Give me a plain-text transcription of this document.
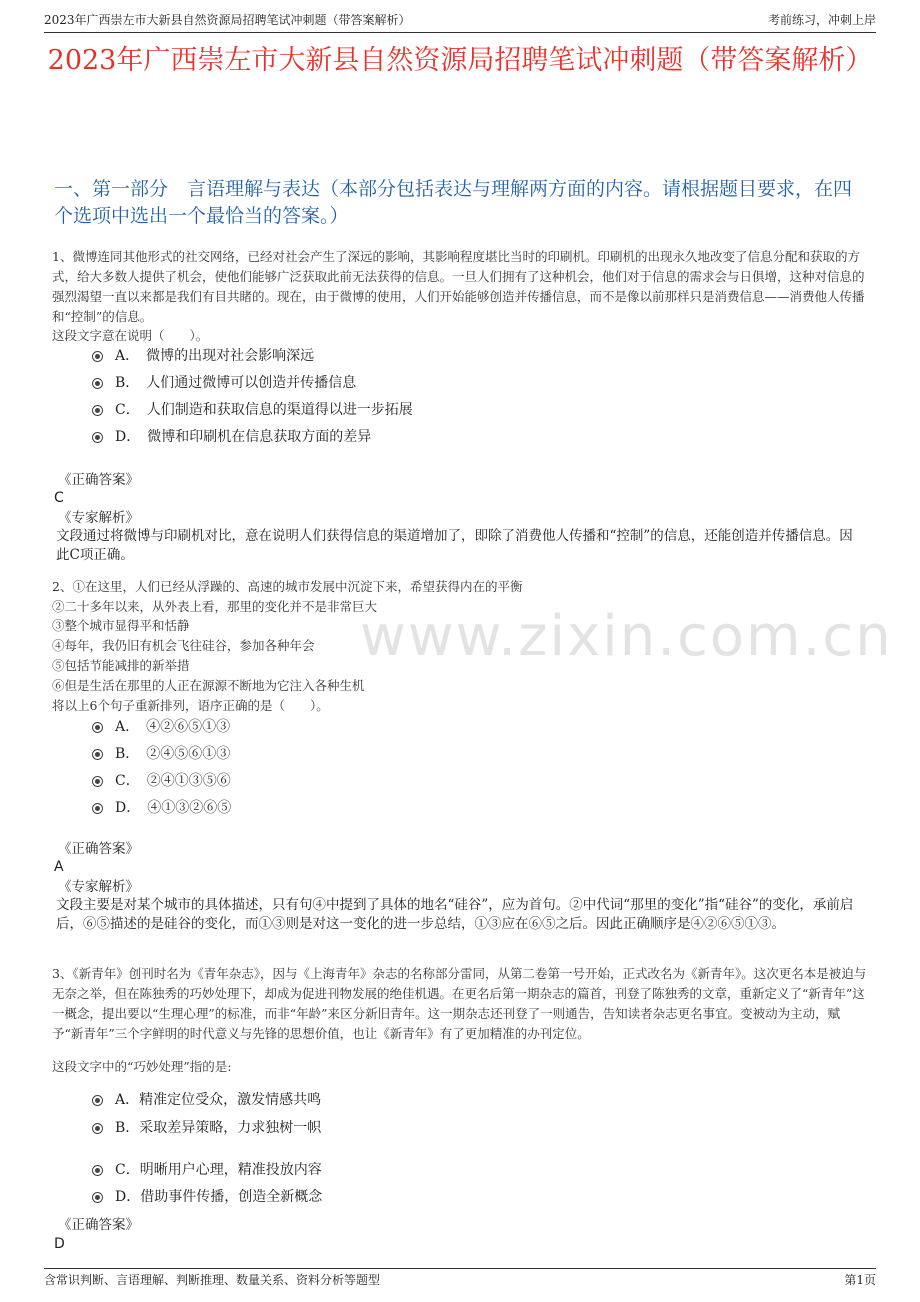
2023年广西崇左市大新县自然资源局招聘笔试冲刺题（带答案解析）	考前练习，冲刺上岸
2023年广西崇左市大新县自然资源局招聘笔试冲刺题（带答案解析）
一、第一部分　言语理解与表达（本部分包括表达与理解两方面的内容。请根据题目要求，在四个选项中选出一个最恰当的答案。）
www.zixin.com.cn
1、微博连同其他形式的社交网络，已经对社会产生了深远的影响，其影响程度堪比当时的印刷机。印刷机的出现永久地改变了信息分配和获取的方式，给大多数人提供了机会，使他们能够广泛获取此前无法获得的信息。一旦人们拥有了这种机会，他们对于信息的需求会与日俱增，这种对信息的强烈渴望一直以来都是我们有目共睹的。现在，由于微博的使用，人们开始能够创造并传播信息，而不是像以前那样只是消费信息——消费他人传播和“控制”的信息。
这段文字意在说明（　　）。
A．　微博的出现对社会影响深远
B．　人们通过微博可以创造并传播信息
C．　人们制造和获取信息的渠道得以进一步拓展
D．　微博和印刷机在信息获取方面的差异
《正确答案》
C
《专家解析》
文段通过将微博与印刷机对比，意在说明人们获得信息的渠道增加了，即除了消费他人传播和“控制”的信息，还能创造并传播信息。因此C项正确。
2、①在这里，人们已经从浮躁的、高速的城市发展中沉淀下来，希望获得内在的平衡
②二十多年以来，从外表上看，那里的变化并不是非常巨大
③整个城市显得平和恬静
④每年，我仍旧有机会飞往硅谷，参加各种年会
⑤包括节能减排的新举措
⑥但是生活在那里的人正在源源不断地为它注入各种生机
将以上6个句子重新排列，语序正确的是（　　）。
A．　④②⑥⑤①③
B．　②④⑤⑥①③
C．　②④①③⑤⑥
D．　④①③②⑥⑤
《正确答案》
A
《专家解析》
文段主要是对某个城市的具体描述，只有句④中提到了具体的地名“硅谷”，应为首句。②中代词“那里的变化”指“硅谷”的变化，承前启后，⑥⑤描述的是硅谷的变化，而①③则是对这一变化的进一步总结，①③应在⑥⑤之后。因此正确顺序是④②⑥⑤①③。
3、《新青年》创刊时名为《青年杂志》，因与《上海青年》杂志的名称部分雷同，从第二卷第一号开始，正式改名为《新青年》。这次更名本是被迫与无奈之举，但在陈独秀的巧妙处理下，却成为促进刊物发展的绝佳机遇。在更名后第一期杂志的篇首，刊登了陈独秀的文章，重新定义了“新青年”这一概念，提出要以“生理心理”的标准，而非“年龄”来区分新旧青年。这一期杂志还刊登了一则通告，告知读者杂志更名事宜。变被动为主动，赋予“新青年”三个字鲜明的时代意义与先锋的思想价值，也让《新青年》有了更加精准的办刊定位。
这段文字中的“巧妙处理”指的是:
A．精准定位受众，激发情感共鸣
B．采取差异策略，力求独树一帜
C．明晰用户心理，精准投放内容
D．借助事件传播，创造全新概念
《正确答案》
D
含常识判断、言语理解、判断推理、数量关系、资料分析等题型	第1页
